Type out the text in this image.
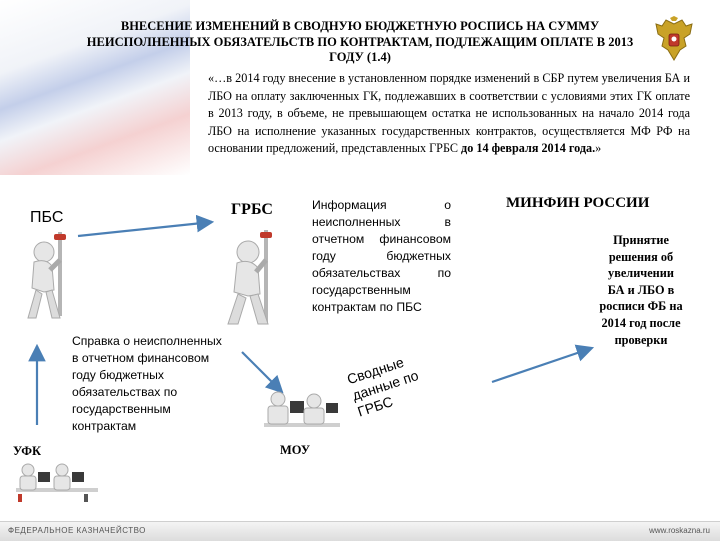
ВНЕСЕНИЕ ИЗМЕНЕНИЙ В СВОДНУЮ БЮДЖЕТНУЮ РОСПИСЬ НА СУММУ
НЕИСПОЛНЕННЫХ ОБЯЗАТЕЛЬСТВ ПО КОНТРАКТАМ, ПОДЛЕЖАЩИМ ОПЛАТЕ В 2013
ГОДУ (1.4)
«…в 2014 году внесение в установленном порядке изменений в СБР путем увеличения БА и ЛБО на оплату заключенных ГК, подлежавших в соответствии с условиями этих ГК оплате в 2013 году, в объеме, не превышающем остатка не использованных на начало 2014 года ЛБО на исполнение указанных государственных контрактов, осуществляется МФ РФ на основании предложений, представленных ГРБС до 14 февраля 2014 года.»
ПБС	ГРБС
УФК	МОУ
МИНФИН РОССИИ
Информация о неисполненных в отчетном финансовом году бюджетных обязательствах по государственным контрактам по ПБС
Справка о неисполненных в отчетном финансовом году бюджетных обязательствах по государственным контрактам
Принятие решения об увеличении БА и ЛБО в росписи ФБ на 2014 год после проверки
Сводные данные по ГРБС
ФЕДЕРАЛЬНОЕ КАЗНАЧЕЙСТВО	www.roskazna.ru
